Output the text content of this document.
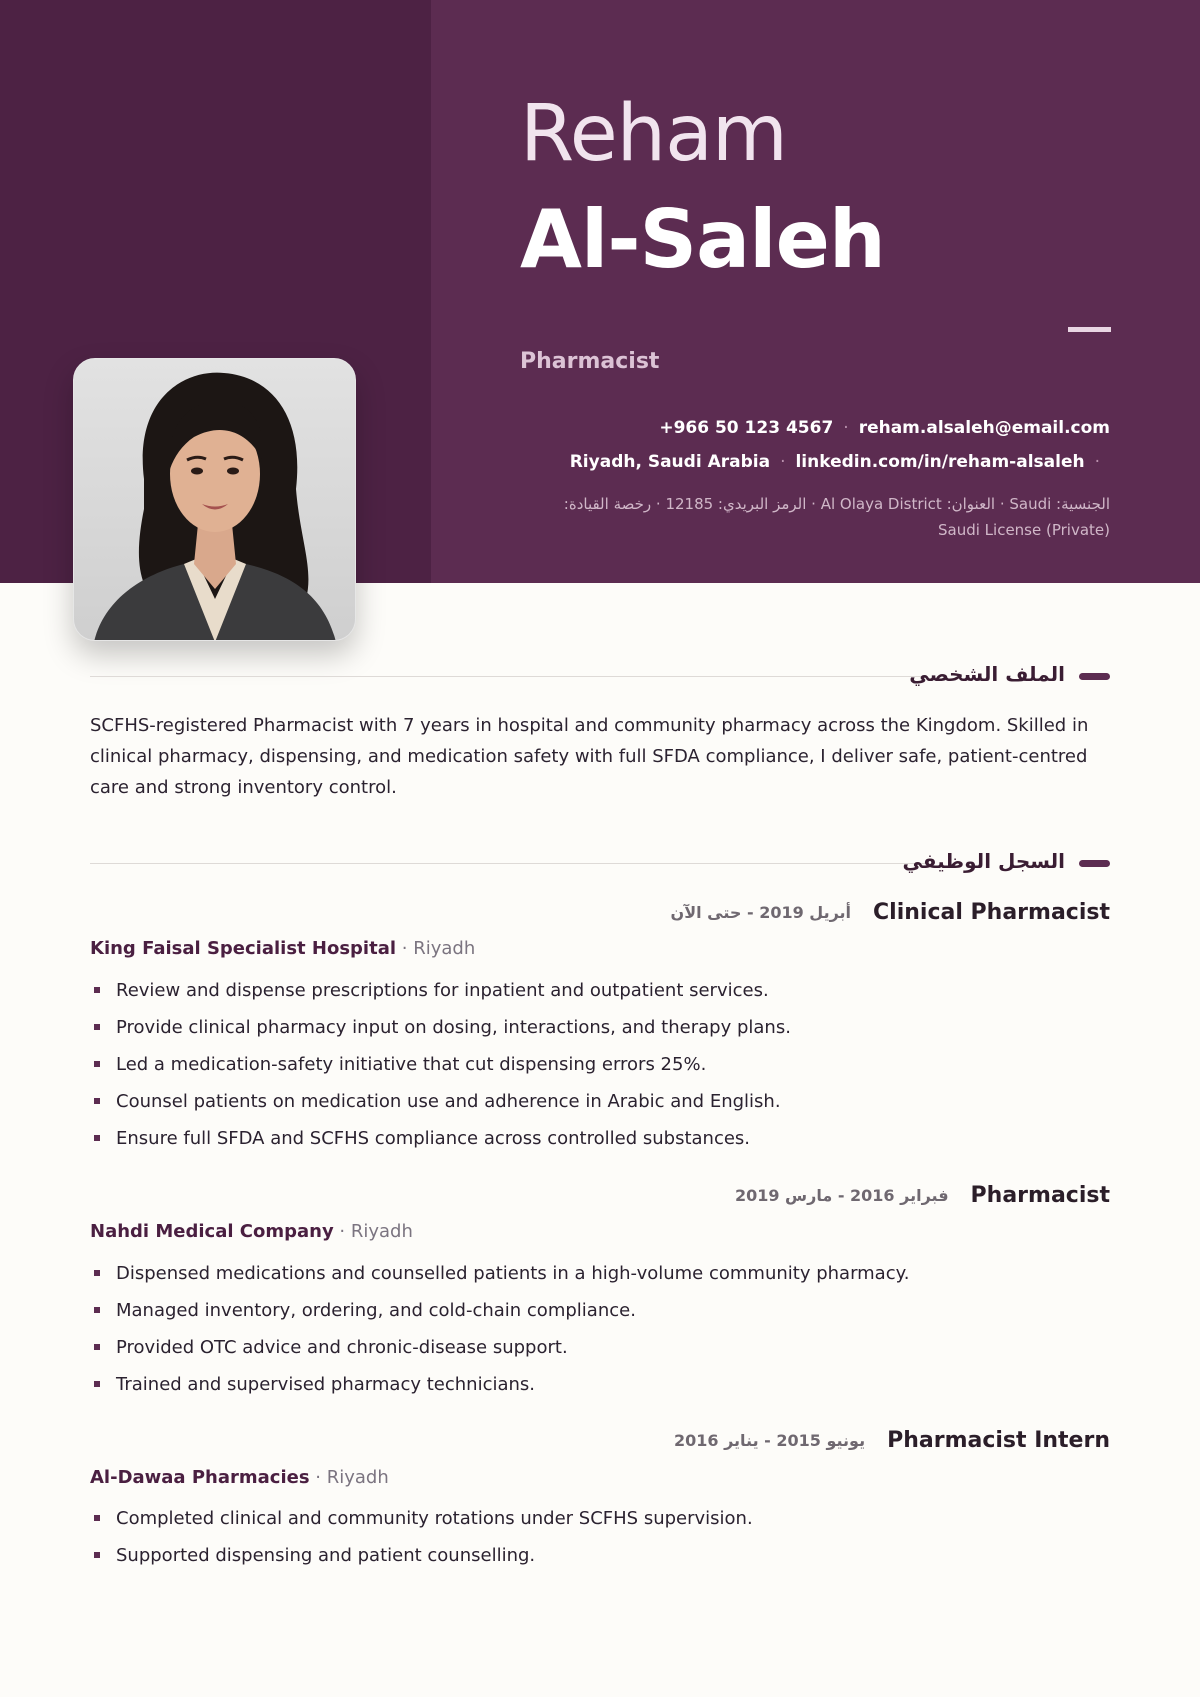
Reham
Al-Saleh
Pharmacist
+966 50 123 4567 · reham.alsaleh@email.com
Riyadh, Saudi Arabia · linkedin.com/in/reham-alsaleh ·
الجنسية: Saudi · العنوان: Al Olaya District · الرمز البريدي: 12185 · رخصة القيادة: Saudi License (Private)
الملف الشخصي
SCFHS-registered Pharmacist with 7 years in hospital and community pharmacy across the Kingdom. Skilled in clinical pharmacy, dispensing, and medication safety with full SFDA compliance, I deliver safe, patient-centred care and strong inventory control.
السجل الوظيفي
أبريل 2019 - حتى الآن Clinical Pharmacist
King Faisal Specialist Hospital · Riyadh
Review and dispense prescriptions for inpatient and outpatient services.
Provide clinical pharmacy input on dosing, interactions, and therapy plans.
Led a medication-safety initiative that cut dispensing errors 25%.
Counsel patients on medication use and adherence in Arabic and English.
Ensure full SFDA and SCFHS compliance across controlled substances.
فبراير 2016 - مارس 2019 Pharmacist
Nahdi Medical Company · Riyadh
Dispensed medications and counselled patients in a high-volume community pharmacy.
Managed inventory, ordering, and cold-chain compliance.
Provided OTC advice and chronic-disease support.
Trained and supervised pharmacy technicians.
يونيو 2015 - يناير 2016 Pharmacist Intern
Al-Dawaa Pharmacies · Riyadh
Completed clinical and community rotations under SCFHS supervision.
Supported dispensing and patient counselling.
